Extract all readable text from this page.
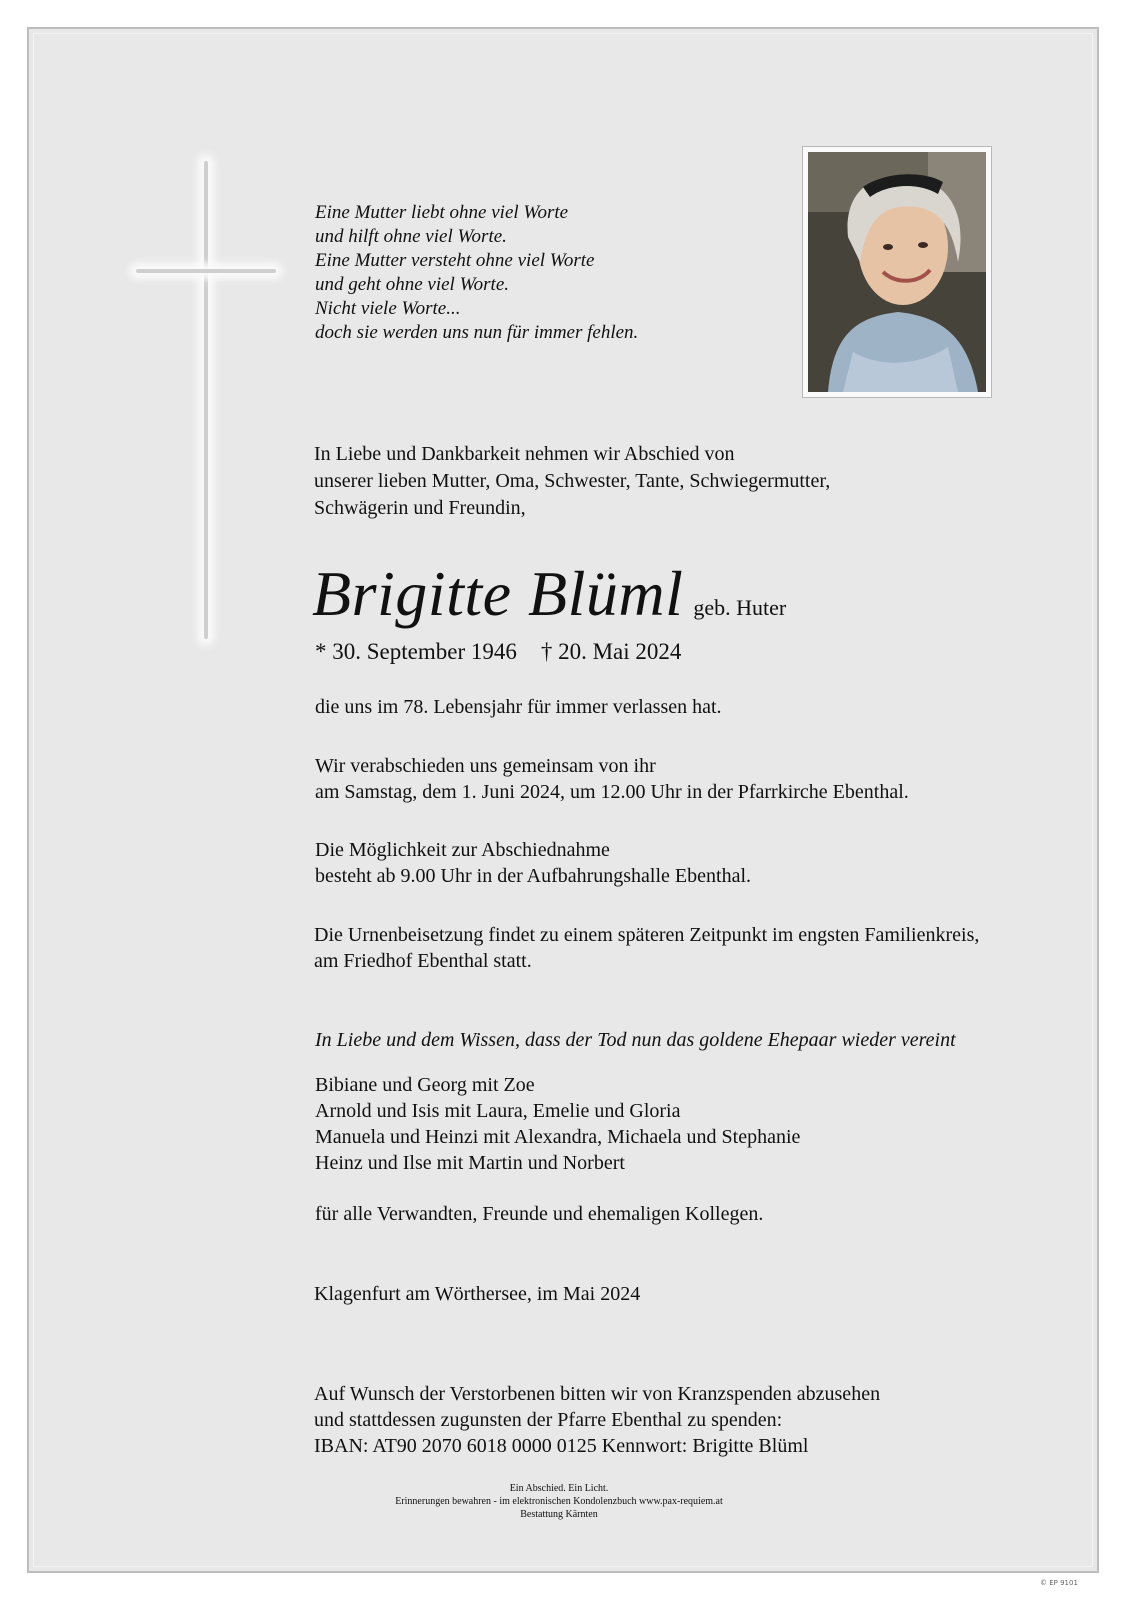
Eine Mutter liebt ohne viel Worte
und hilft ohne viel Worte.
Eine Mutter versteht ohne viel Worte
und geht ohne viel Worte.
Nicht viele Worte...
doch sie werden uns nun für immer fehlen.
In Liebe und Dankbarkeit nehmen wir Abschied von
unserer lieben Mutter, Oma, Schwester, Tante, Schwiegermutter,
Schwägerin und Freundin,
Brigitte Blüml geb. Huter
* 30. September 1946 † 20. Mai 2024
die uns im 78. Lebensjahr für immer verlassen hat.
Wir verabschieden uns gemeinsam von ihr
am Samstag, dem 1. Juni 2024, um 12.00 Uhr in der Pfarrkirche Ebenthal.
Die Möglichkeit zur Abschiednahme
besteht ab 9.00 Uhr in der Aufbahrungshalle Ebenthal.
Die Urnenbeisetzung findet zu einem späteren Zeitpunkt im engsten Familienkreis,
am Friedhof Ebenthal statt.
In Liebe und dem Wissen, dass der Tod nun das goldene Ehepaar wieder vereint
Bibiane und Georg mit Zoe
Arnold und Isis mit Laura, Emelie und Gloria
Manuela und Heinzi mit Alexandra, Michaela und Stephanie
Heinz und Ilse mit Martin und Norbert
für alle Verwandten, Freunde und ehemaligen Kollegen.
Klagenfurt am Wörthersee, im Mai 2024
Auf Wunsch der Verstorbenen bitten wir von Kranzspenden abzusehen
und stattdessen zugunsten der Pfarre Ebenthal zu spenden:
IBAN: AT90 2070 6018 0000 0125 Kennwort: Brigitte Blüml
Ein Abschied. Ein Licht.
Erinnerungen bewahren - im elektronischen Kondolenzbuch www.pax-requiem.at
Bestattung Kärnten
© EP 9101
